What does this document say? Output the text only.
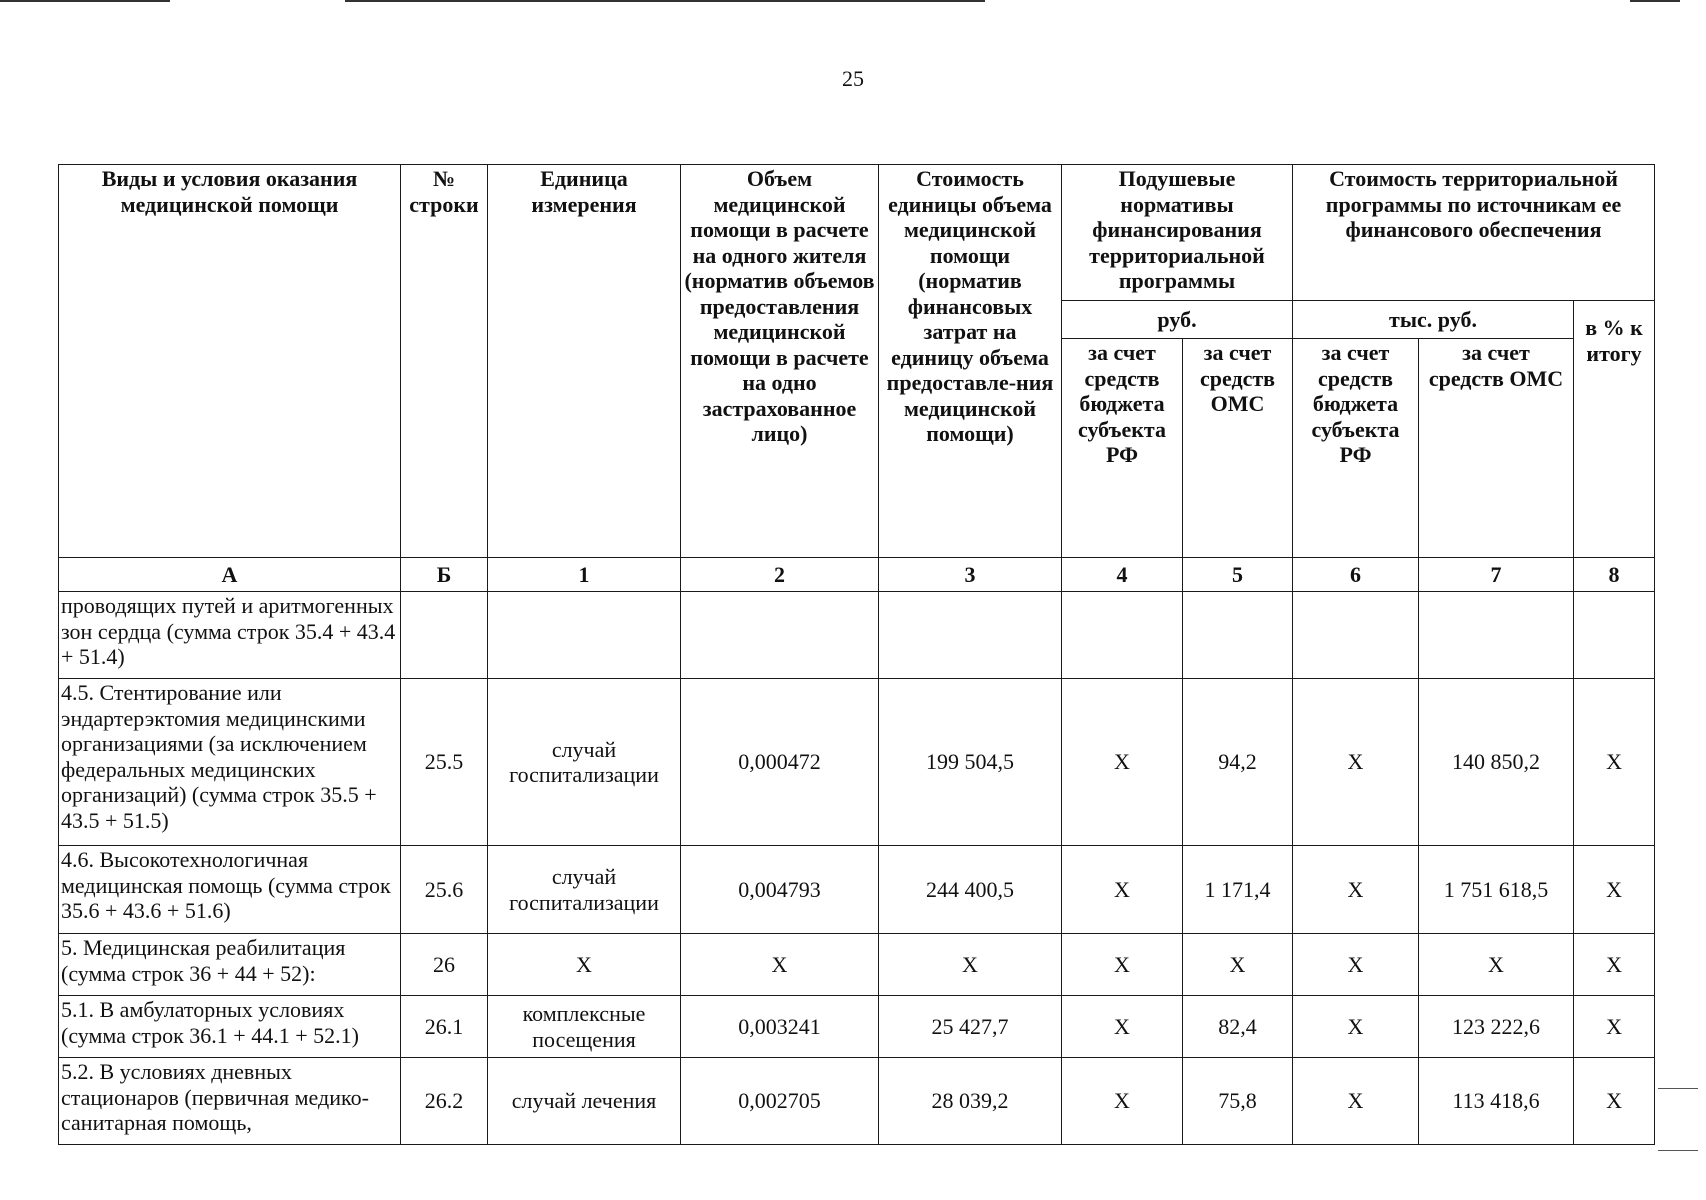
25
Виды и условия оказания медицинской помощи	№ строки	Единица измерения	Объем медицинской помощи в расчете на одного жителя (норматив объемов предоставления медицинской помощи в расчете на одно застрахованное лицо)	Стоимость единицы объема медицинской помощи (норматив финансовых затрат на единицу объема предоставле-ния медицинской помощи)	Подушевые нормативы финансирования территориальной программы		Стоимость территориальной программы по источникам ее финансового обеспечения		
					руб.		тыс. руб.		в % к итогу

					за счет средств бюджета субъекта РФ	за счет средств ОМС	за счет средств бюджета субъекта РФ	за счет средств ОМС	
А	Б	1	2	3	4	5	6	7	8
проводящих путей и аритмогенных зон сердца (сумма строк 35.4 + 43.4 + 51.4)									
4.5. Стентирование или эндартерэктомия медицинскими организациями (за исключением федеральных медицинских организаций) (сумма строк 35.5 + 43.5 + 51.5)	25.5	случай госпитализации	0,000472	199 504,5	Х	94,2	Х	140 850,2	Х
4.6. Высокотехнологичная медицинская помощь (сумма строк 35.6 + 43.6 + 51.6)	25.6	случай госпитализации	0,004793	244 400,5	Х	1 171,4	Х	1 751 618,5	Х
5. Медицинская реабилитация (сумма строк 36 + 44 + 52):	26	Х	Х	Х	Х	Х	Х	Х	Х
5.1. В амбулаторных условиях (сумма строк 36.1 + 44.1 + 52.1)	26.1	комплексные посещения	0,003241	25 427,7	Х	82,4	Х	123 222,6	Х
5.2. В условиях дневных стационаров (первичная медико-санитарная помощь,	26.2	случай лечения	0,002705	28 039,2	Х	75,8	Х	113 418,6	Х
